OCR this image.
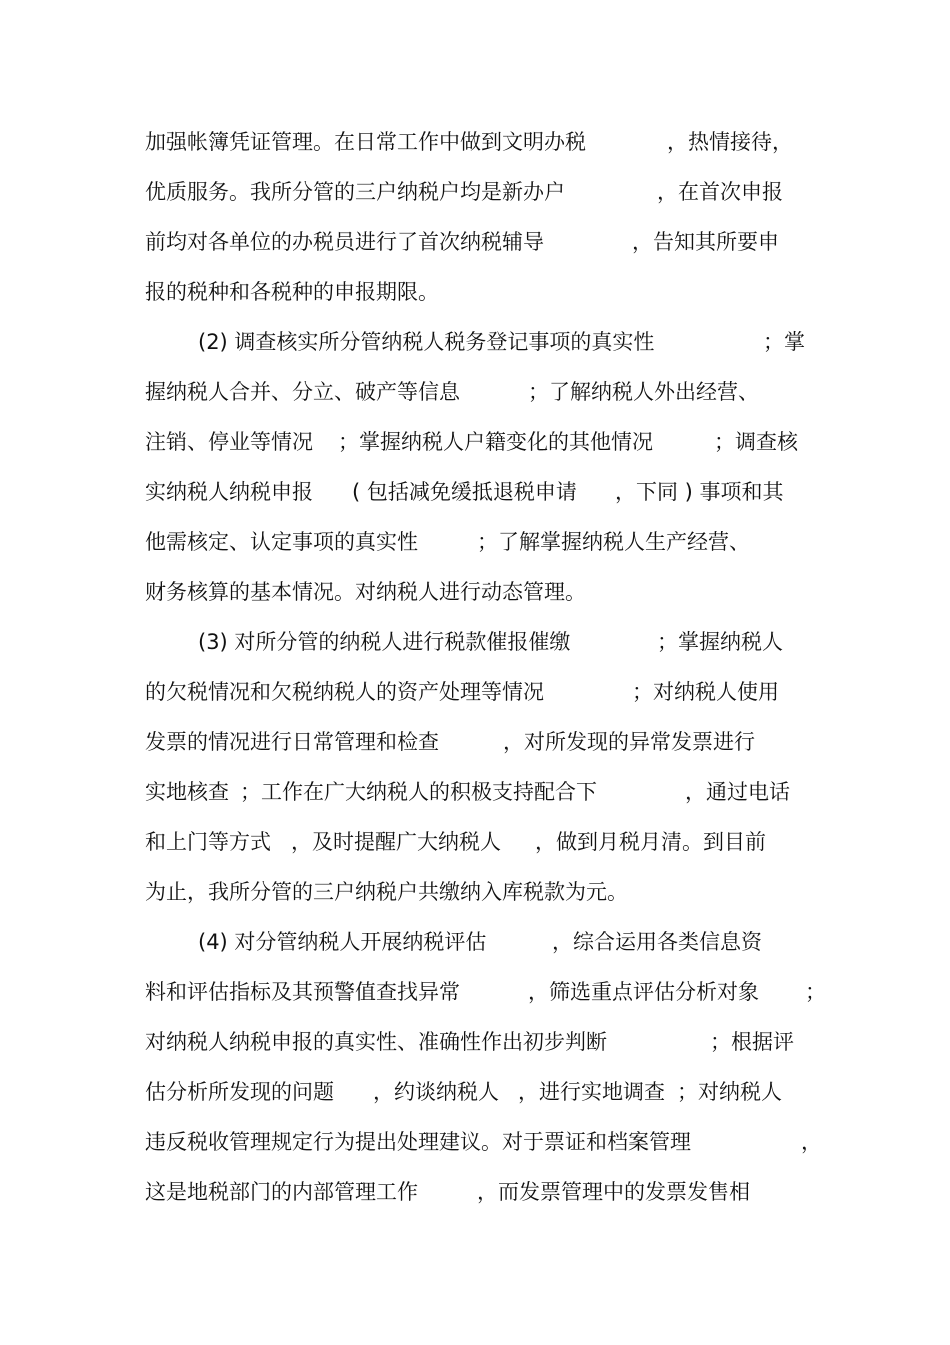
加强帐簿凭证管理。在日常工作中做到文明办税	，热情接待，
优质服务。我所分管的三户纳税户均是新办户	，在首次申报
前均对各单位的办税员进行了首次纳税辅导	，告知其所要申
报的税种和各税种的申报期限。
(2) 调查核实所分管纳税人税务登记事项的真实性	；掌
握纳税人合并、分立、破产等信息	；了解纳税人外出经营、
注销、停业等情况 ；掌握纳税人户籍变化的其他情况	；调查核
实纳税人纳税申报 ( 包括减免缓抵退税申请 ，下同 ) 事项和其
他需核定、认定事项的真实性	；了解掌握纳税人生产经营、
财务核算的基本情况。对纳税人进行动态管理。
(3) 对所分管的纳税人进行税款催报催缴	；掌握纳税人
的欠税情况和欠税纳税人的资产处理等情况	；对纳税人使用
发票的情况进行日常管理和检查	，对所发现的异常发票进行
实地核查 ；工作在广大纳税人的积极支持配合下	，通过电话
和上门等方式 ，及时提醒广大纳税人 ，做到月税月清。到目前
为止，我所分管的三户纳税户共缴纳入库税款为元。
(4) 对分管纳税人开展纳税评估	，综合运用各类信息资
料和评估指标及其预警值查找异常	，筛选重点评估分析对象 ；
对纳税人纳税申报的真实性、准确性作出初步判断	；根据评
估分析所发现的问题 ，约谈纳税人 ，进行实地调查 ；对纳税人
违反税收管理规定行为提出处理建议。对于票证和档案管理	，
这是地税部门的内部管理工作	，而发票管理中的发票发售相
